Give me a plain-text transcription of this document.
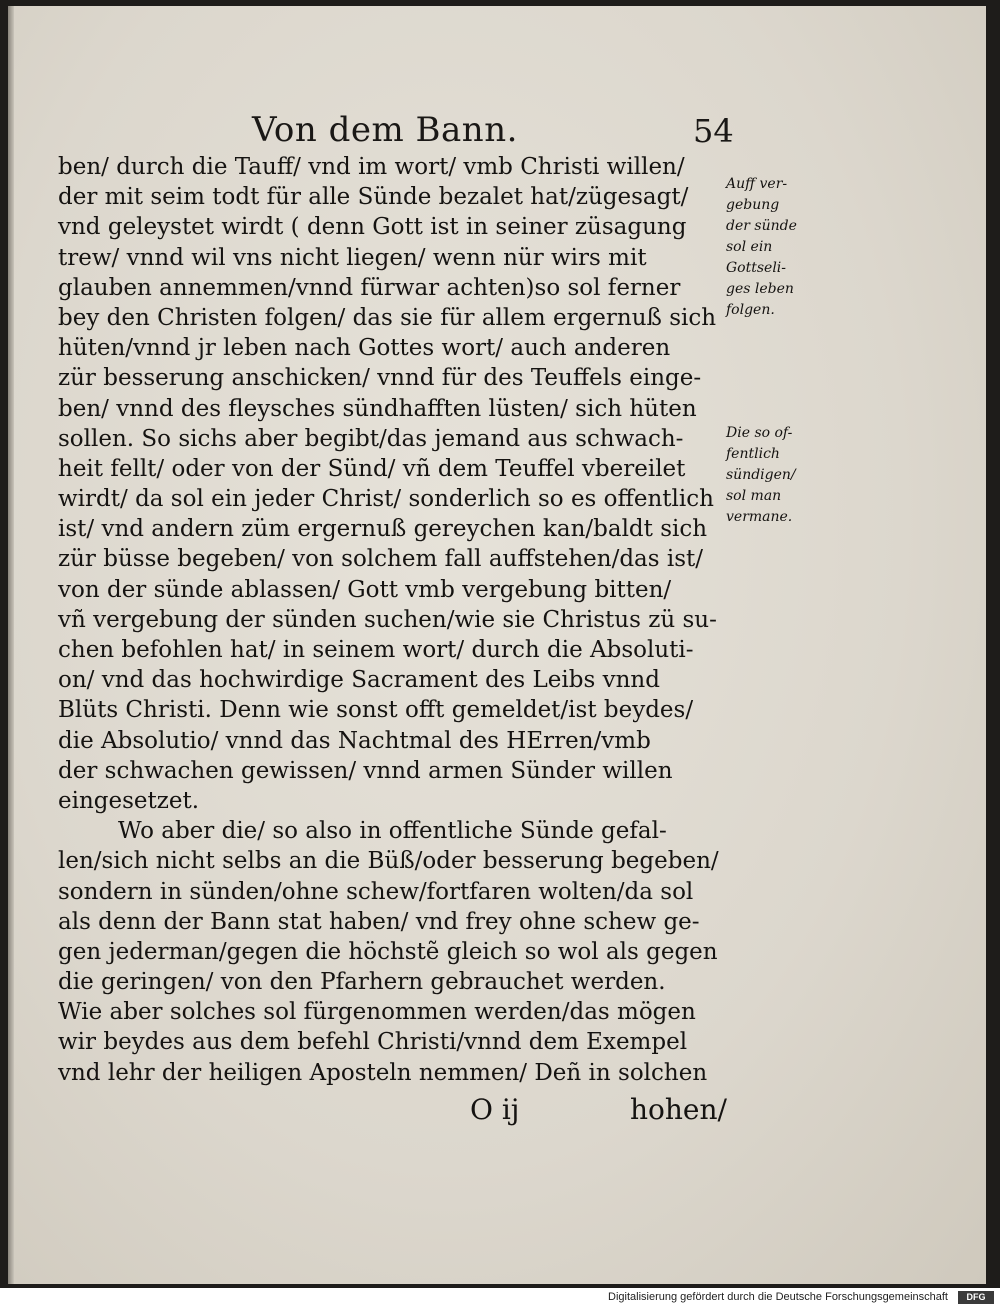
Von dem Bann.	54
ben/ durch die Tauff/ vnd im wort/ vmb Christi willen/
der mit seim todt für alle Sünde bezalet hat/zügesagt/
vnd geleystet wirdt ( denn Gott ist in seiner züsagung
trew/ vnnd wil vns nicht liegen/ wenn nür wirs mit
glauben annemmen/vnnd fürwar achten)so sol ferner
bey den Christen folgen/ das sie für allem ergernuß sich
hüten/vnnd jr leben nach Gottes wort/ auch anderen
zür besserung anschicken/ vnnd für des Teuffels einge-
ben/ vnnd des fleysches sündhafften lüsten/ sich hüten
sollen. So sichs aber begibt/das jemand aus schwach-
heit fellt/ oder von der Sünd/ vñ dem Teuffel vbereilet
wirdt/ da sol ein jeder Christ/ sonderlich so es offentlich
ist/ vnd andern züm ergernuß gereychen kan/baldt sich
zür büsse begeben/ von solchem fall auffstehen/das ist/
von der sünde ablassen/ Gott vmb vergebung bitten/
vñ vergebung der sünden suchen/wie sie Christus zü su-
chen befohlen hat/ in seinem wort/ durch die Absoluti-
on/ vnd das hochwirdige Sacrament des Leibs vnnd
Blüts Christi. Denn wie sonst offt gemeldet/ist beydes/
die Absolutio/ vnnd das Nachtmal des HErren/vmb
der schwachen gewissen/ vnnd armen Sünder willen
eingesetzet.
Wo aber die/ so also in offentliche Sünde gefal-
len/sich nicht selbs an die Büß/oder besserung begeben/
sondern in sünden/ohne schew/fortfaren wolten/da sol
als denn der Bann stat haben/ vnd frey ohne schew ge-
gen jederman/gegen die höchstẽ gleich so wol als gegen
die geringen/ von den Pfarhern gebrauchet werden.
Wie aber solches sol fürgenommen werden/das mögen
wir beydes aus dem befehl Christi/vnnd dem Exempel
vnd lehr der heiligen Aposteln nemmen/ Deñ in solchen
Auff ver-
gebung
der sünde
sol ein
Gottseli-
ges leben
folgen.
Die so of-
fentlich
sündigen/
sol man
vermane.
O ij	hohen/
Digitalisierung gefördert durch die Deutsche Forschungsgemeinschaft	DFG
